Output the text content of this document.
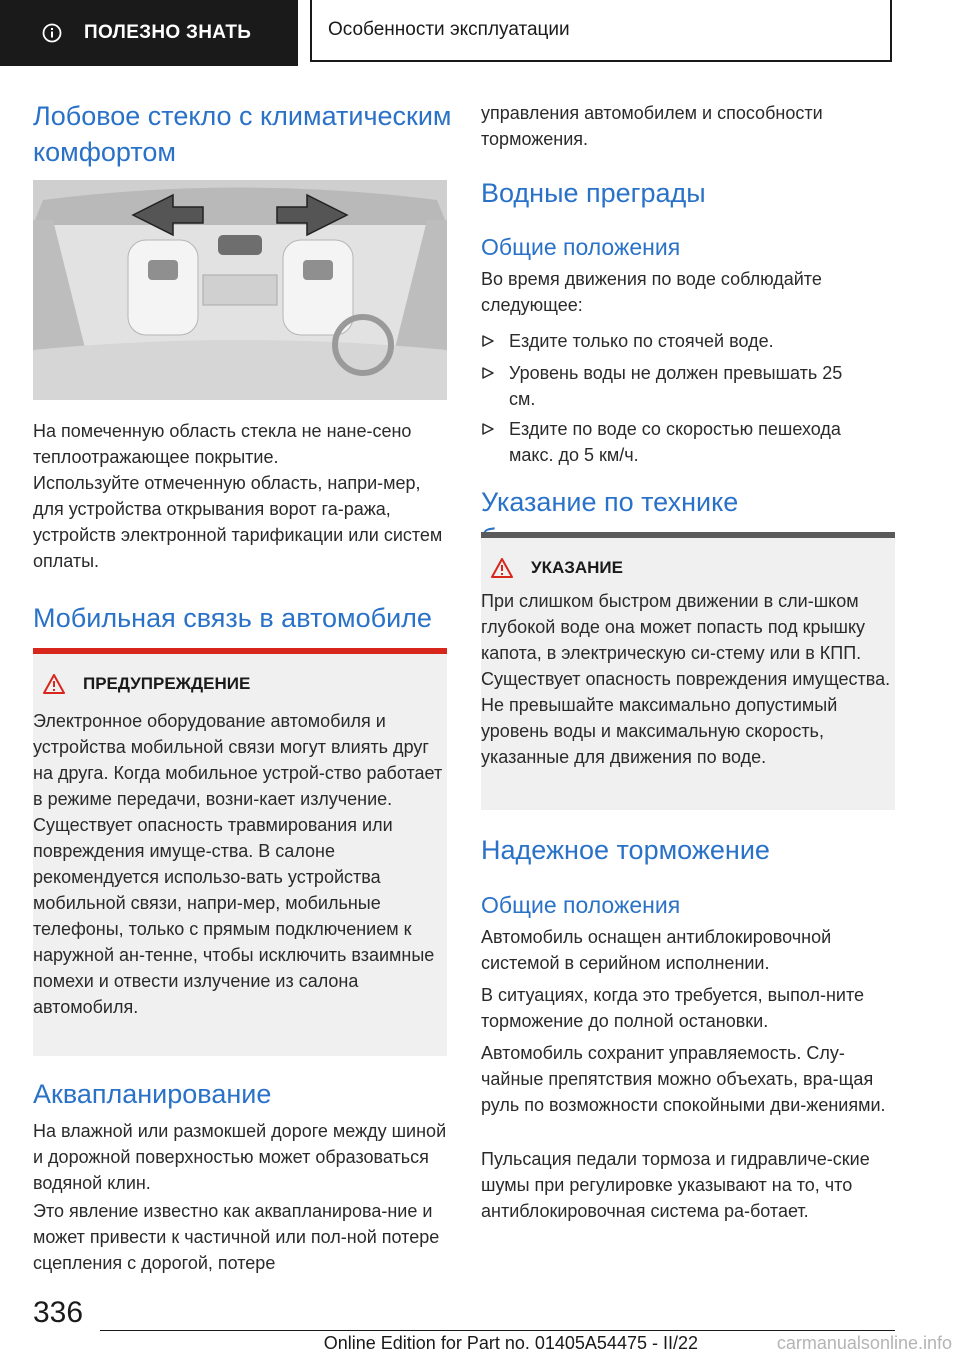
ПОЛЕЗНО ЗНАТЬ	Особенности эксплуатации
Лобовое стекло с климатическим комфортом

На помеченную область стекла не нане-сено теплоотражающее покрытие.

Используйте отмеченную область, напри-мер, для устройства открывания ворот га-ража, устройств электронной тарификации или систем оплаты.

Мобильная связь в автомобиле
ПРЕДУПРЕЖДЕНИЕ

Электронное оборудование автомобиля и устройства мобильной связи могут влиять друг на друга. Когда мобильное устрой-ство работает в режиме передачи, возни-кает излучение. Существует опасность травмирования или повреждения имуще-ства. В салоне рекомендуется использо-вать устройства мобильной связи, напри-мер, мобильные телефоны, только с прямым подключением к наружной ан-тенне, чтобы исключить взаимные помехи и отвести излучение из салона автомобиля.

Аквапланирование

На влажной или размокшей дороге между шиной и дорожной поверхностью может образоваться водяной клин.

Это явление известно как аквапланирова-ние и может привести к частичной или пол-ной потере сцепления с дорогой, потере

управления автомобилем и способности торможения.

Водные преграды
Общие положения

Во время движения по воде соблюдайте следующее:

Ездите только по стоячей воде.

Уровень воды не должен превышать 25 см.

Ездите по воде со скоростью пешехода макс. до 5 км/ч.

Указание по технике
УКАЗАНИЕ

При слишком быстром движении в сли-шком глубокой воде она может попасть под крышку капота, в электрическую си-стему или в КПП. Существует опасность повреждения имущества. Не превышайте максимально допустимый уровень воды и максимальную скорость, указанные для движения по воде.

Надежное торможение
Общие положения

Автомобиль оснащен антиблокировочной системой в серийном исполнении.

В ситуациях, когда это требуется, выпол-ните торможение до полной остановки.

Автомобиль сохранит управляемость. Слу-чайные препятствия можно объехать, вра-щая руль по возможности спокойными дви-жениями.

Пульсация педали тормоза и гидравличе-ские шумы при регулировке указывают на то, что антиблокировочная система ра-ботает.

336
Online Edition for Part no. 01405A54475 - II/22	carmanualsonline.info
